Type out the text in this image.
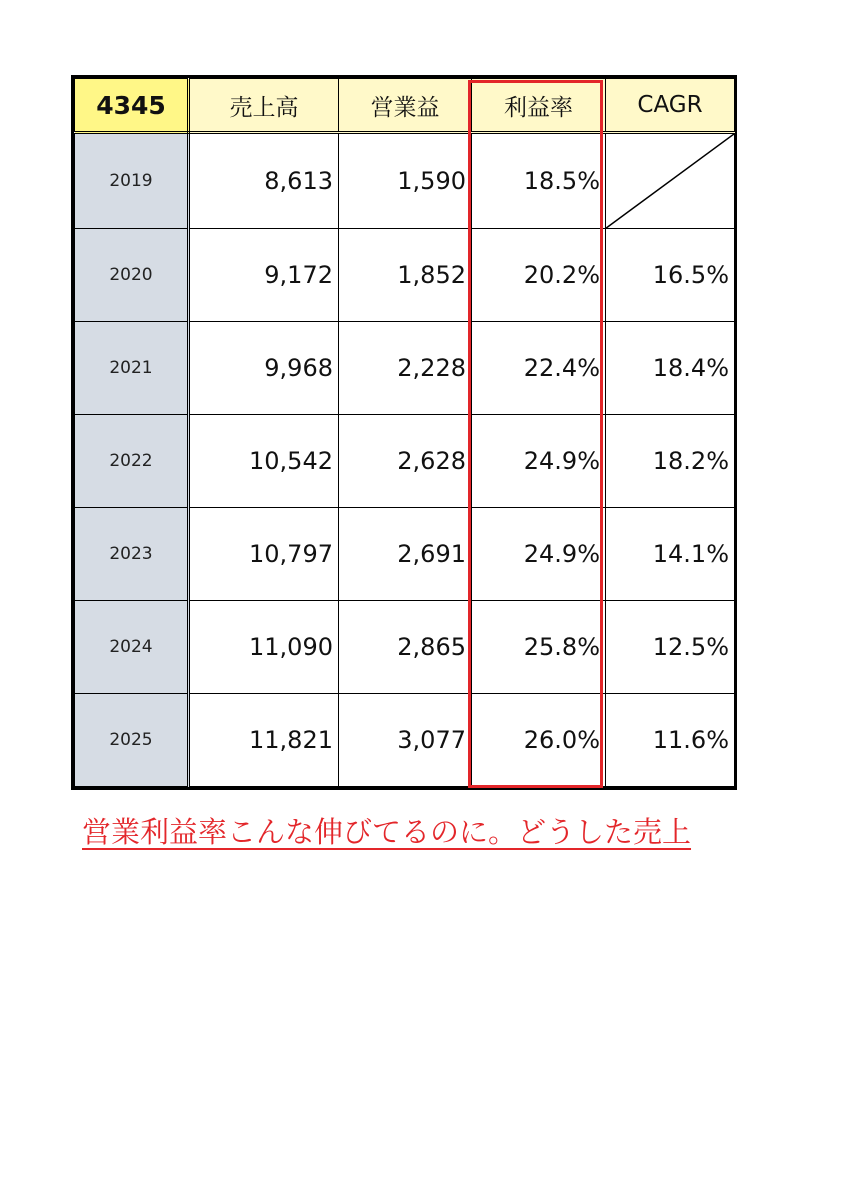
4345	売上高	営業益	利益率	CAGR
2019	8,613	1,590	18.5%	

2020	9,172	1,852	20.2%	16.5%
2021	9,968	2,228	22.4%	18.4%
2022	10,542	2,628	24.9%	18.2%
2023	10,797	2,691	24.9%	14.1%
2024	11,090	2,865	25.8%	12.5%
2025	11,821	3,077	26.0%	11.6%
営業利益率こんな伸びてるのに。どうした売上
